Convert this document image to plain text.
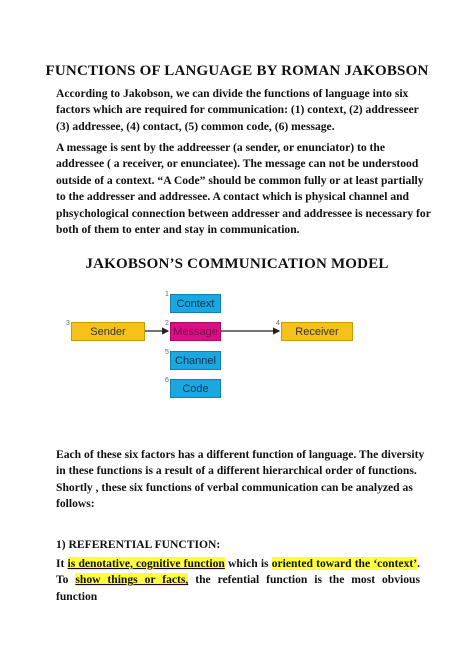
FUNCTIONS OF LANGUAGE BY ROMAN JAKOBSON
According to Jakobson, we can divide the functions of language into six
factors which are required for communication: (1) context, (2) addresseer
(3) addressee, (4) contact, (5) common code, (6) message.
A message is sent by the addreesser (a sender, or enunciator) to the
addressee ( a receiver, or enunciatee). The message can not be understood
outside of a context. “A Code” should be common fully or at least partially
to the addresser and addressee. A contact which is physical channel and
phsychological connection between addresser and addressee is necessary for
both of them to enter and stay in communication.
JAKOBSON’S COMMUNICATION MODEL
1
Context
3
Sender
2
Message
4
Receiver
5
Channel
6
Code
Each of these six factors has a different function of language. The diversity
in these functions is a result of a different hierarchical order of functions.
Shortly , these six functions of verbal communication can be analyzed as
follows:
1) REFERENTIAL FUNCTION:
It is denotative, cognitive function which is oriented toward the ‘context’.
To show things or facts, the refential function is the most obvious function
